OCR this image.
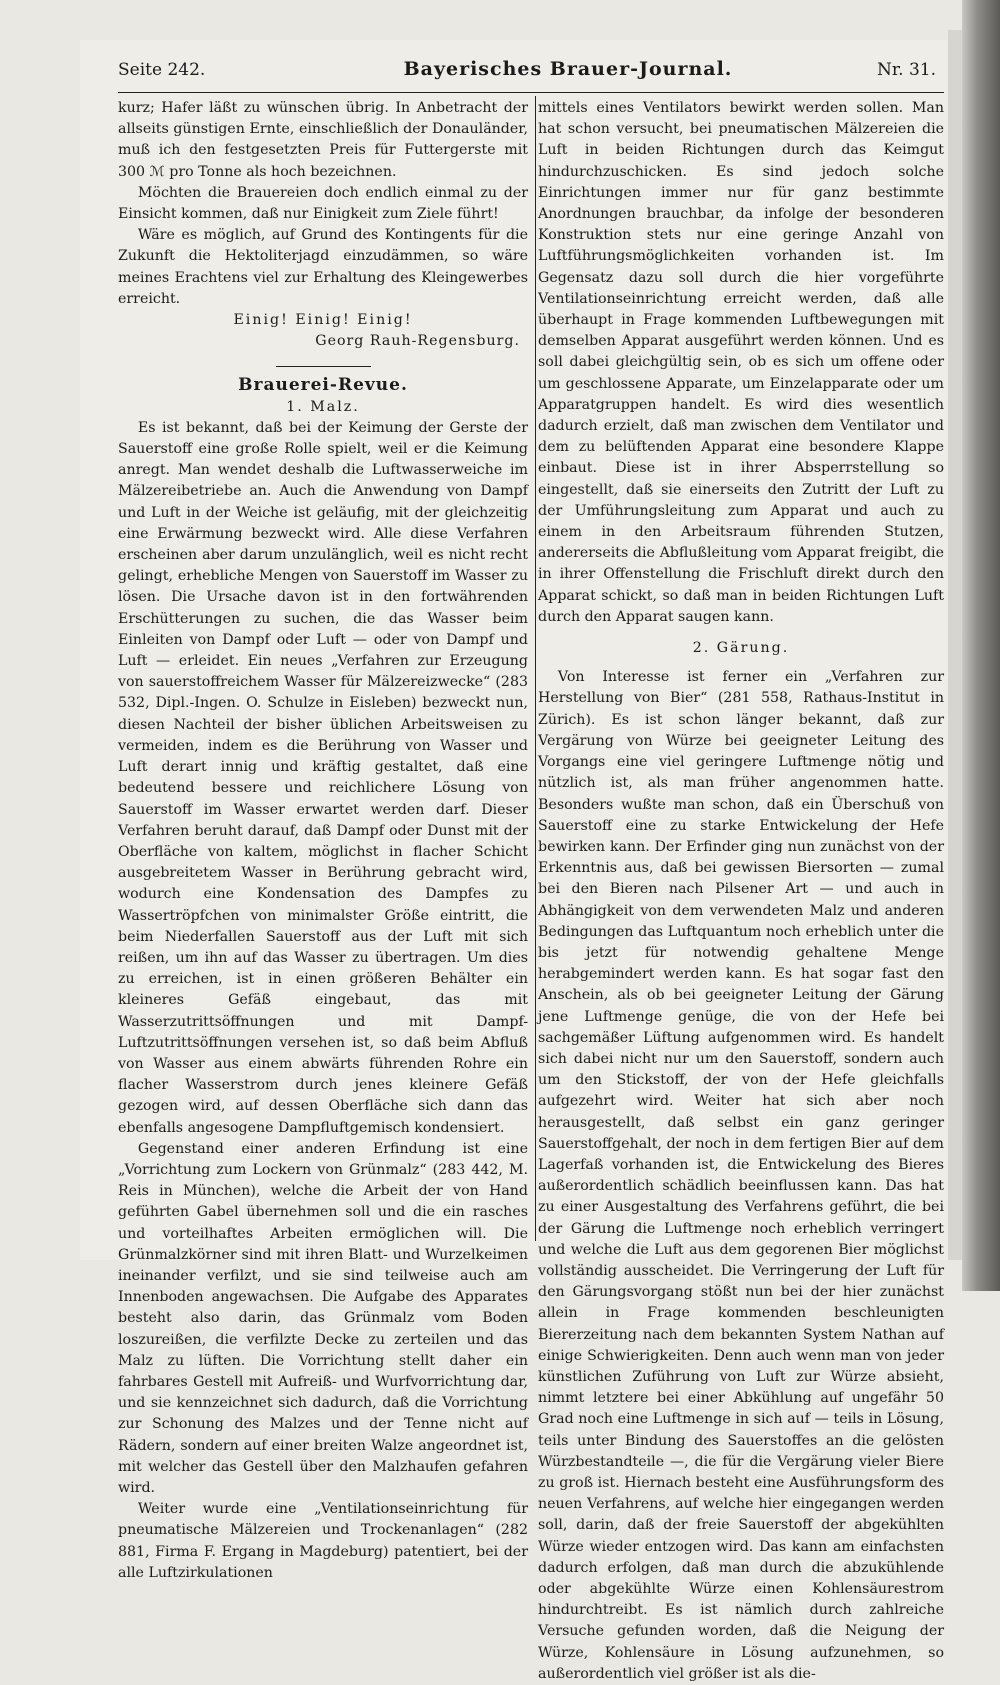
Seite 242.	Bayerisches Brauer-Journal.	Nr. 31.

kurz; Hafer läßt zu wünschen übrig. In Anbetracht der allseits günstigen Ernte, einschließlich der Donauländer, muß ich den festgesetzten Preis für Futtergerste mit 300 ℳ pro Tonne als hoch bezeichnen.

Möchten die Brauereien doch endlich einmal zu der Einsicht kommen, daß nur Einigkeit zum Ziele führt!

Wäre es möglich, auf Grund des Kontingents für die Zukunft die Hektoliterjagd einzudämmen, so wäre meines Erachtens viel zur Erhaltung des Kleingewerbes erreicht.

Einig! Einig! Einig!

Georg Rauh-Regensburg.

Brauerei-Revue.

1. Malz.

Es ist bekannt, daß bei der Keimung der Gerste der Sauerstoff eine große Rolle spielt, weil er die Keimung anregt. Man wendet deshalb die Luftwasserweiche im Mälzereibetriebe an. Auch die Anwendung von Dampf und Luft in der Weiche ist geläufig, mit der gleichzeitig eine Erwärmung bezweckt wird. Alle diese Verfahren erscheinen aber darum unzulänglich, weil es nicht recht gelingt, erhebliche Mengen von Sauerstoff im Wasser zu lösen. Die Ursache davon ist in den fortwährenden Erschütterungen zu suchen, die das Wasser beim Einleiten von Dampf oder Luft — oder von Dampf und Luft — erleidet. Ein neues „Verfahren zur Erzeugung von sauerstoffreichem Wasser für Mälzereizwecke“ (283 532, Dipl.-Ingen. O. Schulze in Eisleben) bezweckt nun, diesen Nachteil der bisher üblichen Arbeitsweisen zu vermeiden, indem es die Berührung von Wasser und Luft derart innig und kräftig gestaltet, daß eine bedeutend bessere und reichlichere Lösung von Sauerstoff im Wasser erwartet werden darf. Dieser Verfahren beruht darauf, daß Dampf oder Dunst mit der Oberfläche von kaltem, möglichst in flacher Schicht ausgebreitetem Wasser in Berührung gebracht wird, wodurch eine Kondensation des Dampfes zu Wassertröpfchen von minimalster Größe eintritt, die beim Niederfallen Sauerstoff aus der Luft mit sich reißen, um ihn auf das Wasser zu übertragen. Um dies zu erreichen, ist in einen größeren Behälter ein kleineres Gefäß eingebaut, das mit Wasserzutrittsöffnungen und mit Dampf-Luftzutrittsöffnungen versehen ist, so daß beim Abfluß von Wasser aus einem abwärts führenden Rohre ein flacher Wasserstrom durch jenes kleinere Gefäß gezogen wird, auf dessen Oberfläche sich dann das ebenfalls angesogene Dampfluftgemisch kondensiert.

Gegenstand einer anderen Erfindung ist eine „Vorrichtung zum Lockern von Grünmalz“ (283 442, M. Reis in München), welche die Arbeit der von Hand geführten Gabel übernehmen soll und die ein rasches und vorteilhaftes Arbeiten ermöglichen will. Die Grünmalzkörner sind mit ihren Blatt- und Wurzelkeimen ineinander verfilzt, und sie sind teilweise auch am Innenboden angewachsen. Die Aufgabe des Apparates besteht also darin, das Grünmalz vom Boden loszureißen, die verfilzte Decke zu zerteilen und das Malz zu lüften. Die Vorrichtung stellt daher ein fahrbares Gestell mit Aufreiß- und Wurfvorrichtung dar, und sie kennzeichnet sich dadurch, daß die Vorrichtung zur Schonung des Malzes und der Tenne nicht auf Rädern, sondern auf einer breiten Walze angeordnet ist, mit welcher das Gestell über den Malzhaufen gefahren wird.

Weiter wurde eine „Ventilationseinrichtung für pneumatische Mälzereien und Trockenanlagen“ (282 881, Firma F. Ergang in Magdeburg) patentiert, bei der alle Luftzirkulationen

mittels eines Ventilators bewirkt werden sollen. Man hat schon versucht, bei pneumatischen Mälzereien die Luft in beiden Richtungen durch das Keimgut hindurchzuschicken. Es sind jedoch solche Einrichtungen immer nur für ganz bestimmte Anordnungen brauchbar, da infolge der besonderen Konstruktion stets nur eine geringe Anzahl von Luftführungsmöglichkeiten vorhanden ist. Im Gegensatz dazu soll durch die hier vorgeführte Ventilationseinrichtung erreicht werden, daß alle überhaupt in Frage kommenden Luftbewegungen mit demselben Apparat ausgeführt werden können. Und es soll dabei gleichgültig sein, ob es sich um offene oder um geschlossene Apparate, um Einzelapparate oder um Apparatgruppen handelt. Es wird dies wesentlich dadurch erzielt, daß man zwischen dem Ventilator und dem zu belüftenden Apparat eine besondere Klappe einbaut. Diese ist in ihrer Absperrstellung so eingestellt, daß sie einerseits den Zutritt der Luft zu der Umführungsleitung zum Apparat und auch zu einem in den Arbeitsraum führenden Stutzen, andererseits die Abflußleitung vom Apparat freigibt, die in ihrer Offenstellung die Frischluft direkt durch den Apparat schickt, so daß man in beiden Richtungen Luft durch den Apparat saugen kann.

2. Gärung.

Von Interesse ist ferner ein „Verfahren zur Herstellung von Bier“ (281 558, Rathaus-Institut in Zürich). Es ist schon länger bekannt, daß zur Vergärung von Würze bei geeigneter Leitung des Vorgangs eine viel geringere Luftmenge nötig und nützlich ist, als man früher angenommen hatte. Besonders wußte man schon, daß ein Überschuß von Sauerstoff eine zu starke Entwickelung der Hefe bewirken kann. Der Erfinder ging nun zunächst von der Erkenntnis aus, daß bei gewissen Biersorten — zumal bei den Bieren nach Pilsener Art — und auch in Abhängigkeit von dem verwendeten Malz und anderen Bedingungen das Luftquantum noch erheblich unter die bis jetzt für notwendig gehaltene Menge herabgemindert werden kann. Es hat sogar fast den Anschein, als ob bei geeigneter Leitung der Gärung jene Luftmenge genüge, die von der Hefe bei sachgemäßer Lüftung aufgenommen wird. Es handelt sich dabei nicht nur um den Sauerstoff, sondern auch um den Stickstoff, der von der Hefe gleichfalls aufgezehrt wird. Weiter hat sich aber noch herausgestellt, daß selbst ein ganz geringer Sauerstoffgehalt, der noch in dem fertigen Bier auf dem Lagerfaß vorhanden ist, die Entwickelung des Bieres außerordentlich schädlich beeinflussen kann. Das hat zu einer Ausgestaltung des Verfahrens geführt, die bei der Gärung die Luftmenge noch erheblich verringert und welche die Luft aus dem gegorenen Bier möglichst vollständig ausscheidet. Die Verringerung der Luft für den Gärungsvorgang stößt nun bei der hier zunächst allein in Frage kommenden beschleunigten Biererzeitung nach dem bekannten System Nathan auf einige Schwierigkeiten. Denn auch wenn man von jeder künstlichen Zuführung von Luft zur Würze absieht, nimmt letztere bei einer Abkühlung auf ungefähr 50 Grad noch eine Luftmenge in sich auf — teils in Lösung, teils unter Bindung des Sauerstoffes an die gelösten Würzbestandteile —, die für die Vergärung vieler Biere zu groß ist. Hiernach besteht eine Ausführungsform des neuen Verfahrens, auf welche hier eingegangen werden soll, darin, daß der freie Sauerstoff der abgekühlten Würze wieder entzogen wird. Das kann am einfachsten dadurch erfolgen, daß man durch die abzukühlende oder abgekühlte Würze einen Kohlensäurestrom hindurchtreibt. Es ist nämlich durch zahlreiche Versuche gefunden worden, daß die Neigung der Würze, Kohlensäure in Lösung aufzunehmen, so außerordentlich viel größer ist als die-
